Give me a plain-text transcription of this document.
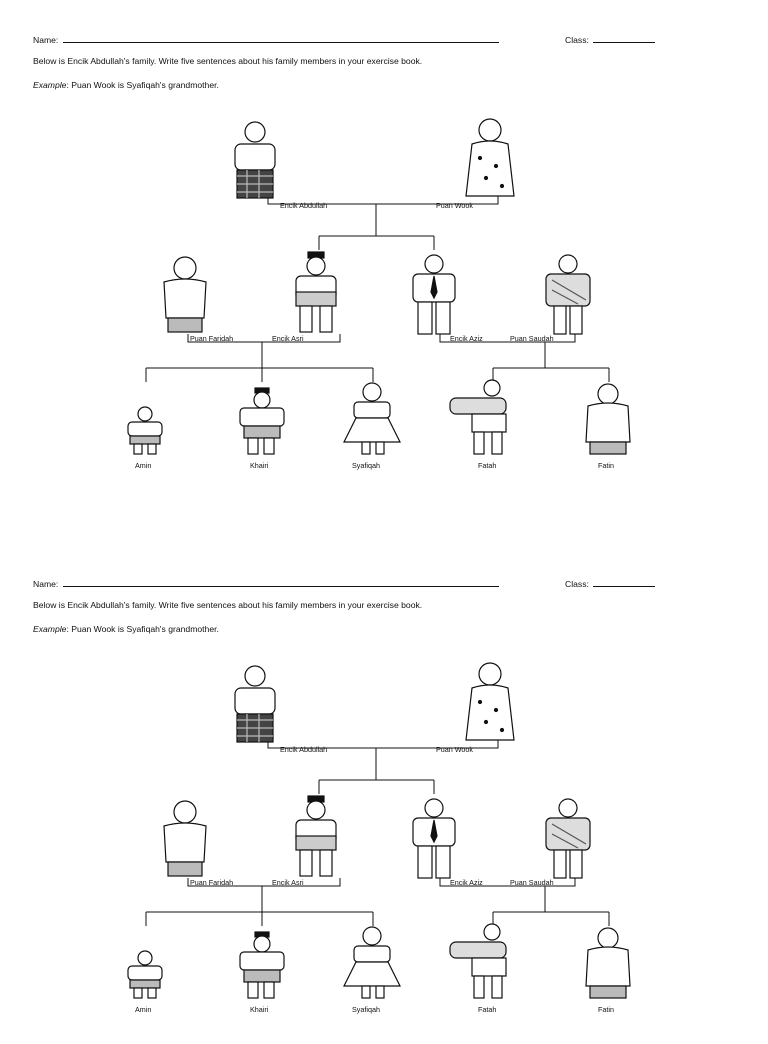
Name:	Class:
Below is Encik Abdullah's family. Write five sentences about his family members in your exercise book.
Example: Puan Wook is Syafiqah's grandmother.
Encik Abdullah	Puan Wook
Puan Faridah	Encik Asri	Encik Aziz	Puan Saudah
Amin	Khairi	Syafiqah	Fatah	Fatin
Name:	Class:
Below is Encik Abdullah's family. Write five sentences about his family members in your exercise book.
Example: Puan Wook is Syafiqah's grandmother.
Encik Abdullah	Puan Wook
Puan Faridah	Encik Asri	Encik Aziz	Puan Saudah
Amin	Khairi	Syafiqah	Fatah	Fatin
